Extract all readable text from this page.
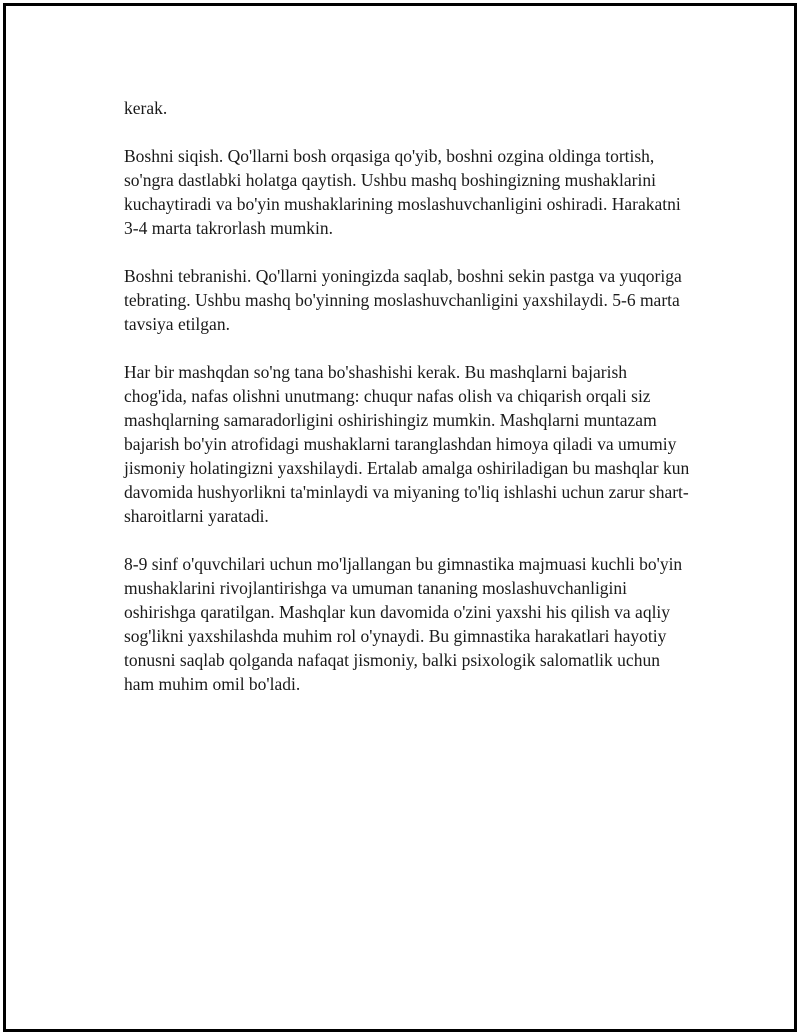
kerak.

Boshni siqish. Qo'llarni bosh orqasiga qo'yib, boshni ozgina oldinga tortish, so'ngra dastlabki holatga qaytish. Ushbu mashq boshingizning mushaklarini kuchaytiradi va bo'yin mushaklarining moslashuvchanligini oshiradi. Harakatni 3-4 marta takrorlash mumkin.

Boshni tebranishi. Qo'llarni yoningizda saqlab, boshni sekin pastga va yuqoriga tebrating. Ushbu mashq bo'yinning moslashuvchanligini yaxshilaydi. 5-6 marta tavsiya etilgan.

Har bir mashqdan so'ng tana bo'shashishi kerak. Bu mashqlarni bajarish chog'ida, nafas olishni unutmang: chuqur nafas olish va chiqarish orqali siz mashqlarning samaradorligini oshirishingiz mumkin. Mashqlarni muntazam bajarish bo'yin atrofidagi mushaklarni taranglashdan himoya qiladi va umumiy jismoniy holatingizni yaxshilaydi. Ertalab amalga oshiriladigan bu mashqlar kun davomida hushyorlikni ta'minlaydi va miyaning to'liq ishlashi uchun zarur shart-sharoitlarni yaratadi.

8-9 sinf o'quvchilari uchun mo'ljallangan bu gimnastika majmuasi kuchli bo'yin mushaklarini rivojlantirishga va umuman tananing moslashuvchanligini oshirishga qaratilgan. Mashqlar kun davomida o'zini yaxshi his qilish va aqliy sog'likni yaxshilashda muhim rol o'ynaydi. Bu gimnastika harakatlari hayotiy tonusni saqlab qolganda nafaqat jismoniy, balki psixologik salomatlik uchun ham muhim omil bo'ladi.
